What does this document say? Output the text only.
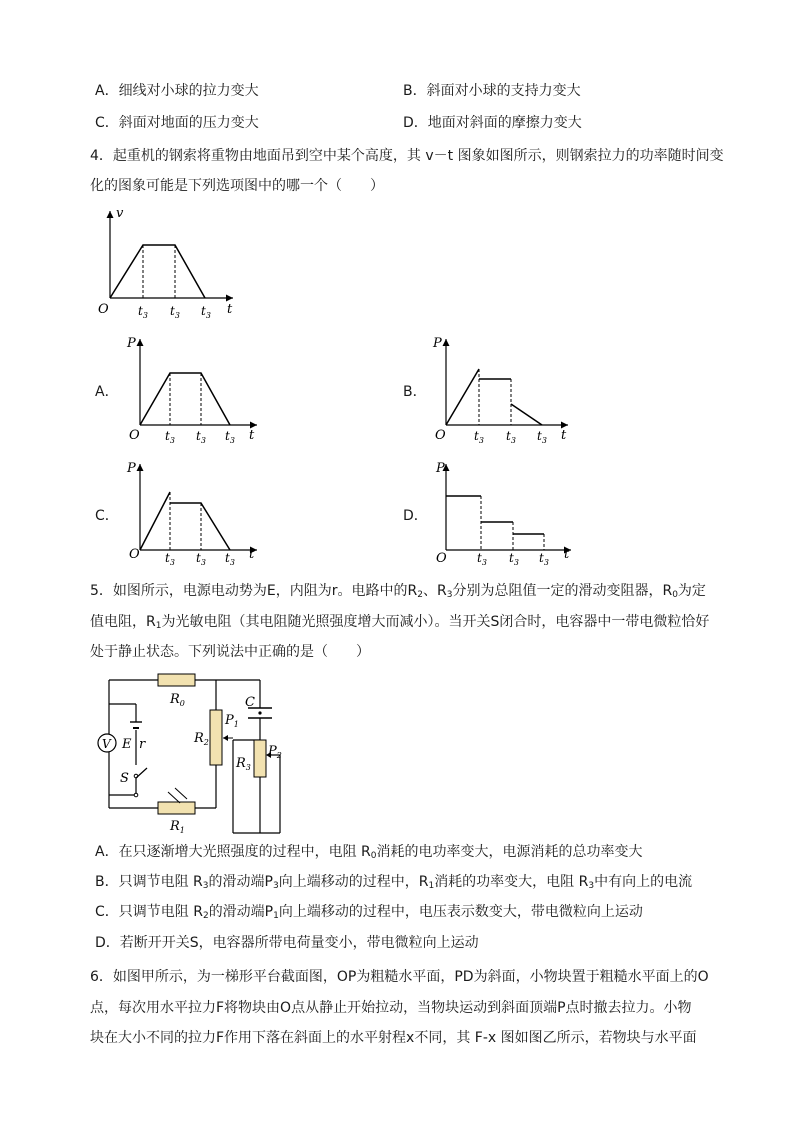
A．细线对小球的拉力变大	B．斜面对小球的支持力变大
C．斜面对地面的压力变大	D．地面对斜面的摩擦力变大
4．起重机的钢索将重物由地面吊到空中某个高度，其 v－t 图象如图所示，则钢索拉力的功率随时间变
化的图象可能是下列选项图中的哪一个（　　）
v
t
O $t_3$ $t_3$ $t_3$
A．
P
t
O $t_3$ $t_3$ $t_3$
B．
P
t
O $t_3$ $t_3$ $t_3$
C．
P
t
O $t_3$ $t_3$ $t_3$
D．
P
t
O	$t_3$ $t_3$ $t_3$
5．如图所示，电源电动势为E，内阻为r。电路中的$R_2$、$R_3$分别为总阻值一定的滑动变阻器，$R_0$为定
值电阻，$R_1$为光敏电阻（其电阻随光照强度增大而减小）。当开关S闭合时，电容器中一带电微粒恰好
处于静止状态。下列说法中正确的是（　　）
$R_0$
$R_1$
$R_2$
$R_3$
$P_1$
$P_2$
C
E r
V
S
A．在只逐渐增大光照强度的过程中，电阻 $R_0$消耗的电功率变大，电源消耗的总功率变大
B．只调节电阻 $R_3$的滑动端$P_3$向上端移动的过程中，$R_1$消耗的功率变大，电阻 $R_3$中有向上的电流
C．只调节电阻 $R_2$的滑动端$P_1$向上端移动的过程中，电压表示数变大，带电微粒向上运动
D．若断开开关S，电容器所带电荷量变小，带电微粒向上运动
6．如图甲所示，为一梯形平台截面图，OP为粗糙水平面，PD为斜面，小物块置于粗糙水平面上的O
点，每次用水平拉力F将物块由O点从静止开始拉动，当物块运动到斜面顶端P点时撤去拉力。小物
块在大小不同的拉力F作用下落在斜面上的水平射程x不同，其 F-x 图如图乙所示，若物块与水平面
